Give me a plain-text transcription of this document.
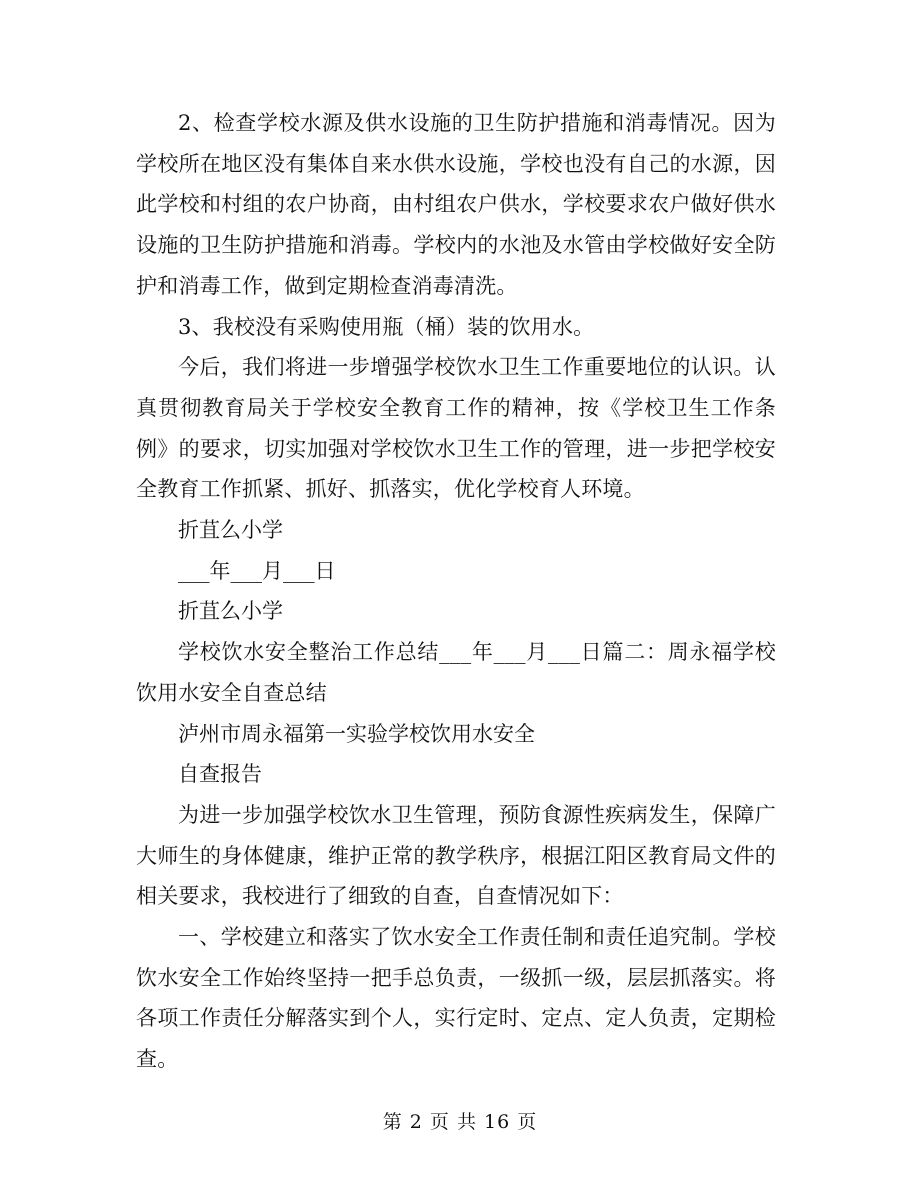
2、检查学校水源及供水设施的卫生防护措施和消毒情况。因为学校所在地区没有集体自来水供水设施，学校也没有自己的水源，因此学校和村组的农户协商，由村组农户供水，学校要求农户做好供水设施的卫生防护措施和消毒。学校内的水池及水管由学校做好安全防护和消毒工作，做到定期检查消毒清洗。

3、我校没有采购使用瓶（桶）装的饮用水。

今后，我们将进一步增强学校饮水卫生工作重要地位的认识。认真贯彻教育局关于学校安全教育工作的精神，按《学校卫生工作条例》的要求，切实加强对学校饮水卫生工作的管理，进一步把学校安全教育工作抓紧、抓好、抓落实，优化学校育人环境。

折苴么小学

___年___月___日

折苴么小学

学校饮水安全整治工作总结___年___月___日篇二：周永福学校饮用水安全自查总结

泸州市周永福第一实验学校饮用水安全

自查报告

为进一步加强学校饮水卫生管理，预防食源性疾病发生，保障广大师生的身体健康，维护正常的教学秩序，根据江阳区教育局文件的相关要求，我校进行了细致的自查，自查情况如下：

一、学校建立和落实了饮水安全工作责任制和责任追究制。学校饮水安全工作始终坚持一把手总负责，一级抓一级，层层抓落实。将各项工作责任分解落实到个人，实行定时、定点、定人负责，定期检查。

第 2 页 共 16 页
